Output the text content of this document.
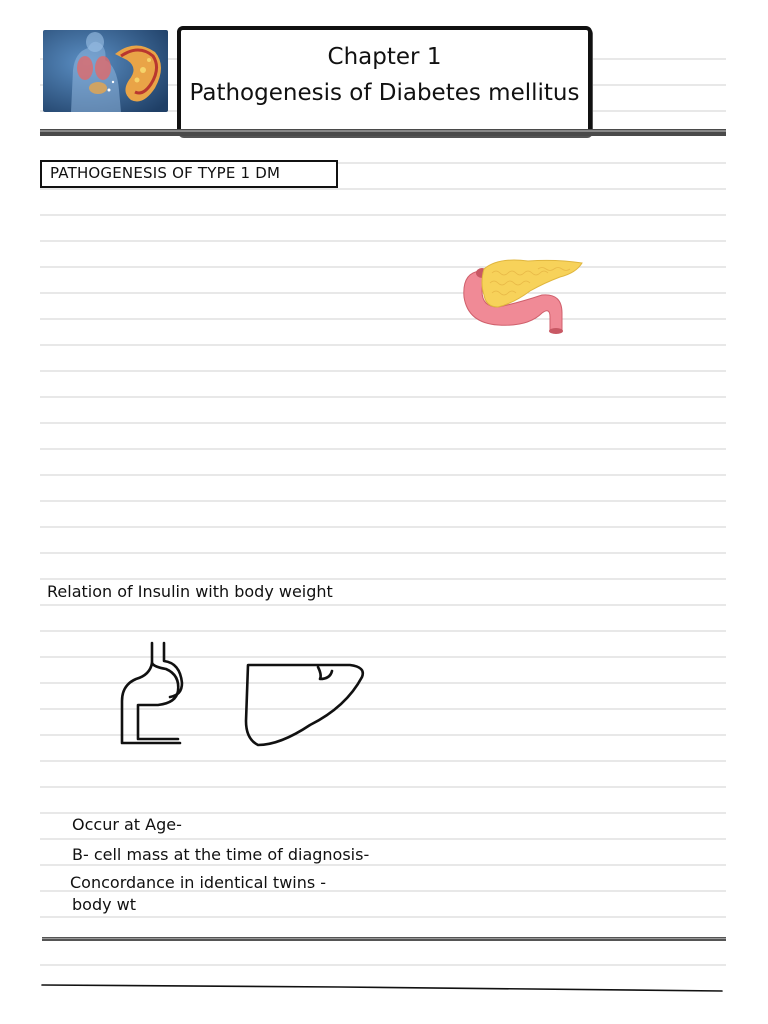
Chapter 1
Pathogenesis of Diabetes mellitus
PATHOGENESIS OF TYPE 1 DM
Relation of Insulin with body weight
Occur at Age-
B- cell mass at the time of diagnosis-
Concordance in identical twins -
body wt
